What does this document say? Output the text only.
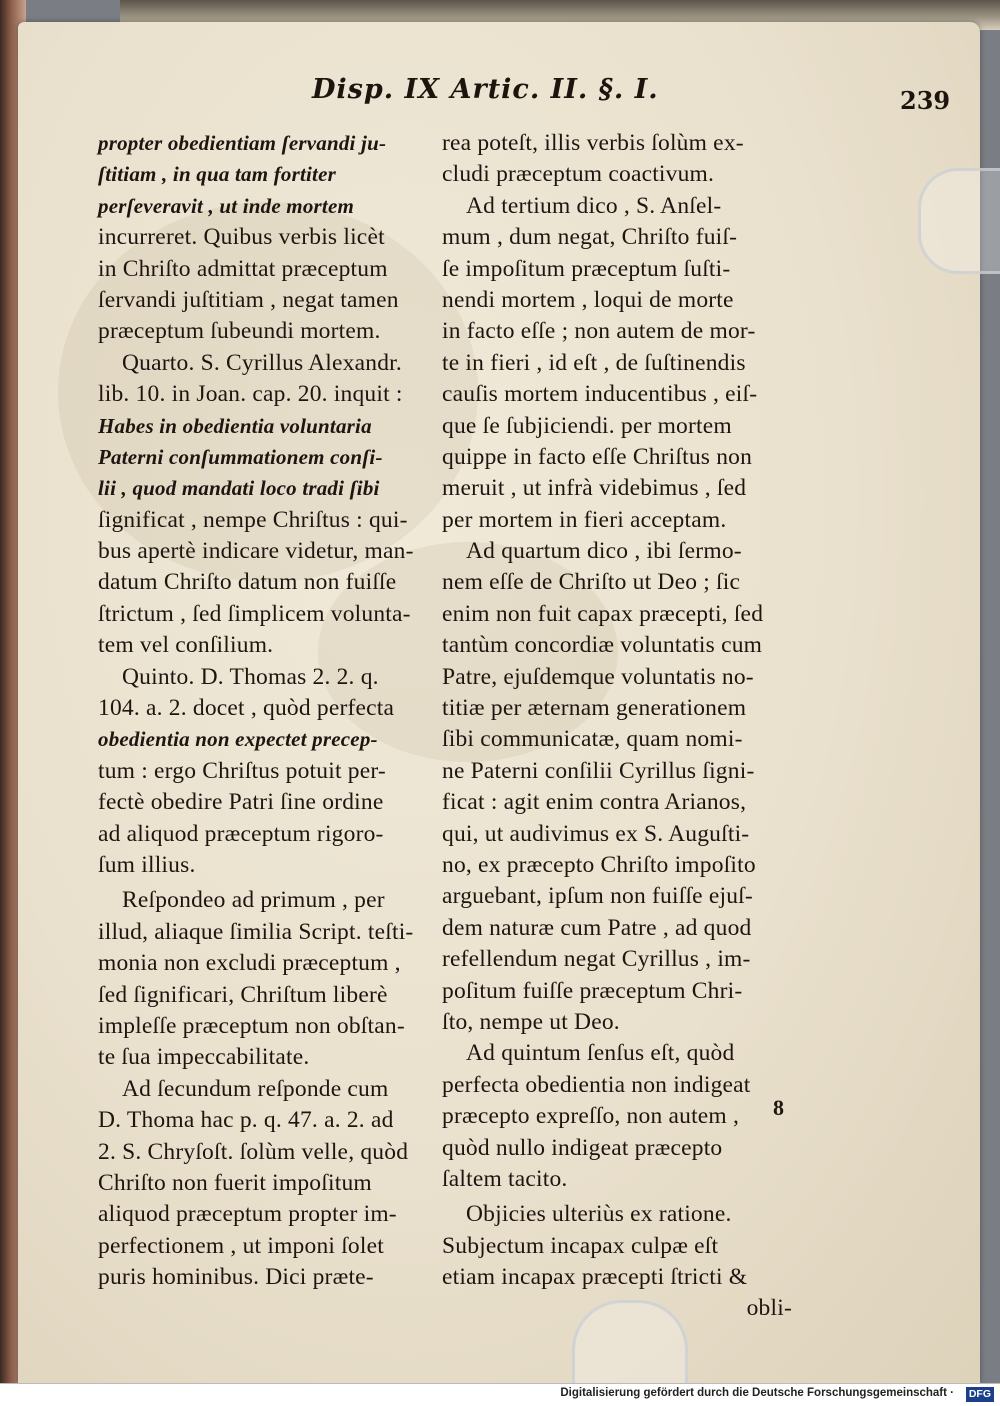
Disp. IX Artic. II. §. I.	239
propter obedientiam ſervandi ju-
ſtitiam , in qua tam fortiter
perſeveravit , ut inde mortem
incurreret. Quibus verbis licèt
in Chriſto admittat præceptum
ſervandi juſtitiam , negat tamen
præceptum ſubeundi mortem.
Quarto. S. Cyrillus Alexandr.
lib. 10. in Joan. cap. 20. inquit :
Habes in obedientia voluntaria
Paterni conſummationem conſi-
lii , quod mandati loco tradi ſibi
ſignificat , nempe Chriſtus : qui-
bus apertè indicare videtur, man-
datum Chriſto datum non fuiſſe
ſtrictum , ſed ſimplicem volunta-
tem vel conſilium.
Quinto. D. Thomas 2. 2. q.
104. a. 2. docet , quòd perfecta
obedientia non expectet precep-
tum : ergo Chriſtus potuit per-
fectè obedire Patri ſine ordine
ad aliquod præceptum rigoro-
ſum illius.
Reſpondeo ad primum , per
illud, aliaque ſimilia Script. teſti-
monia non excludi præceptum ,
ſed ſignificari, Chriſtum liberè
impleſſe præceptum non obſtan-
te ſua impeccabilitate.
Ad ſecundum reſponde cum
D. Thoma hac p. q. 47. a. 2. ad
2. S. Chryſoſt. ſolùm velle, quòd
Chriſto non fuerit impoſitum
aliquod præceptum propter im-
perfectionem , ut imponi ſolet
puris hominibus. Dici præte-
rea poteſt, illis verbis ſolùm ex-
cludi præceptum coactivum.
Ad tertium dico , S. Anſel-
mum , dum negat, Chriſto fuiſ-
ſe impoſitum præceptum ſuſti-
nendi mortem , loqui de morte
in facto eſſe ; non autem de mor-
te in fieri , id eſt , de ſuſtinendis
cauſis mortem inducentibus , eiſ-
que ſe ſubjiciendi. per mortem
quippe in facto eſſe Chriſtus non
meruit , ut infrà videbimus , ſed
per mortem in fieri acceptam.
Ad quartum dico , ibi ſermo-
nem eſſe de Chriſto ut Deo ; ſic
enim non fuit capax præcepti, ſed
tantùm concordiæ voluntatis cum
Patre, ejuſdemque voluntatis no-
titiæ per æternam generationem
ſibi communicatæ, quam nomi-
ne Paterni conſilii Cyrillus ſigni-
ficat : agit enim contra Arianos,
qui, ut audivimus ex S. Auguſti-
no, ex præcepto Chriſto impoſito
arguebant, ipſum non fuiſſe ejuſ-
dem naturæ cum Patre , ad quod
refellendum negat Cyrillus , im-
poſitum fuiſſe præceptum Chri-
ſto, nempe ut Deo.
Ad quintum ſenſus eſt, quòd
perfecta obedientia non indigeat
præcepto expreſſo, non autem ,
quòd nullo indigeat præcepto
ſaltem tacito.
Objicies ulteriùs ex ratione.
Subjectum incapax culpæ eſt
etiam incapax præcepti ſtricti &
obli-
8
Digitalisierung gefördert durch die Deutsche Forschungsgemeinschaft · DFG
